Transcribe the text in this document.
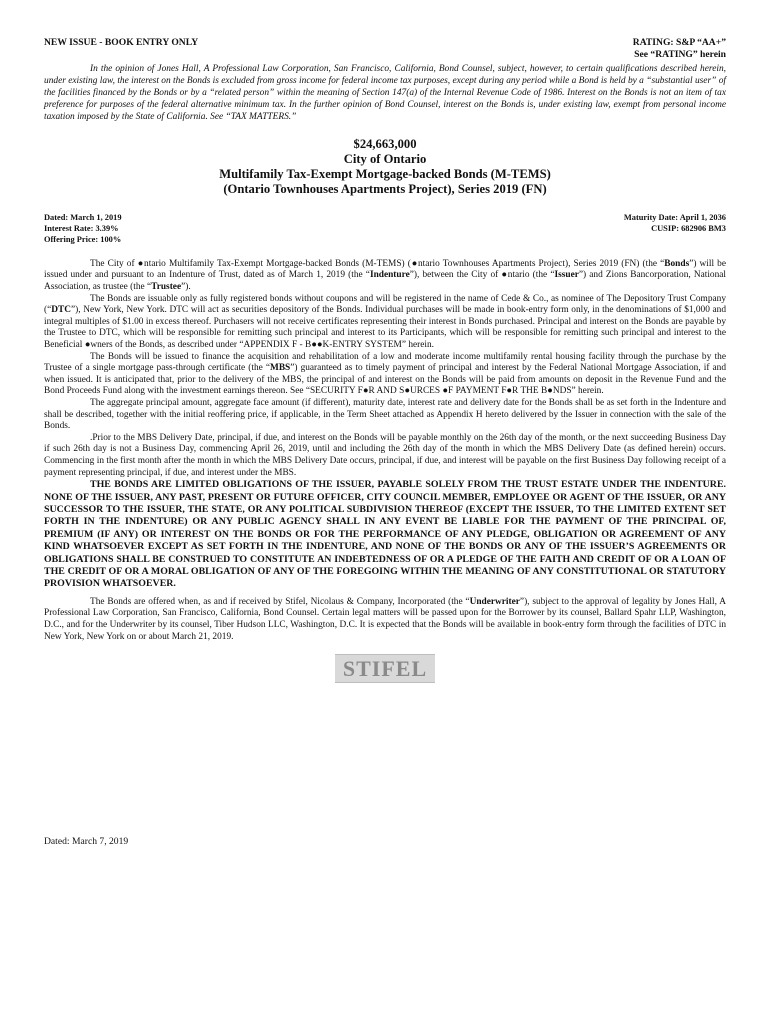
NEW ISSUE - BOOK ENTRY ONLY	RATING: S&P “AA+”
See “RATING” herein
In the opinion of Jones Hall, A Professional Law Corporation, San Francisco, California, Bond Counsel, subject, however, to certain qualifications described herein, under existing law, the interest on the Bonds is excluded from gross income for federal income tax purposes, except during any period while a Bond is held by a “substantial user” of the facilities financed by the Bonds or by a “related person” within the meaning of Section 147(a) of the Internal Revenue Code of 1986. Interest on the Bonds is not an item of tax preference for purposes of the federal alternative minimum tax. In the further opinion of Bond Counsel, interest on the Bonds is, under existing law, exempt from personal income taxation imposed by the State of California. See “TAX MATTERS.”
$24,663,000
City of Ontario
Multifamily Tax-Exempt Mortgage-backed Bonds (M-TEMS)
(Ontario Townhouses Apartments Project), Series 2019 (FN)
Dated: March 1, 2019
Interest Rate: 3.39%
Offering Price: 100%
Maturity Date: April 1, 2036
CUSIP: 682906 BM3

The City of ●ntario Multifamily Tax-Exempt Mortgage-backed Bonds (M-TEMS) (●ntario Townhouses Apartments Project), Series 2019 (FN) (the “Bonds”) will be issued under and pursuant to an Indenture of Trust, dated as of March 1, 2019 (the “Indenture”), between the City of ●ntario (the “Issuer”) and Zions Bancorporation, National Association, as trustee (the “Trustee”).

The Bonds are issuable only as fully registered bonds without coupons and will be registered in the name of Cede & Co., as nominee of The Depository Trust Company (“DTC”), New York, New York. DTC will act as securities depository of the Bonds. Individual purchases will be made in book-entry form only, in the denominations of $1,000 and integral multiples of $1.00 in excess thereof. Purchasers will not receive certificates representing their interest in Bonds purchased. Principal and interest on the Bonds are payable by the Trustee to DTC, which will be responsible for remitting such principal and interest to its Participants, which will be responsible for remitting such principal and interest to the Beneficial ●wners of the Bonds, as described under “APPENDIX F - B●●K-ENTRY SYSTEM” herein.

The Bonds will be issued to finance the acquisition and rehabilitation of a low and moderate income multifamily rental housing facility through the purchase by the Trustee of a single mortgage pass-through certificate (the “MBS”) guaranteed as to timely payment of principal and interest by the Federal National Mortgage Association, if and when issued. It is anticipated that, prior to the delivery of the MBS, the principal of and interest on the Bonds will be paid from amounts on deposit in the Revenue Fund and the Bond Proceeds Fund along with the investment earnings thereon. See “SECURITY F●R AND S●URCES ●F PAYMENT F●R THE B●NDS” herein.

The aggregate principal amount, aggregate face amount (if different), maturity date, interest rate and delivery date for the Bonds shall be as set forth in the Indenture and shall be described, together with the initial reoffering price, if applicable, in the Term Sheet attached as Appendix H hereto delivered by the Issuer in connection with the sale of the Bonds.

.Prior to the MBS Delivery Date, principal, if due, and interest on the Bonds will be payable monthly on the 26th day of the month, or the next succeeding Business Day if such 26th day is not a Business Day, commencing April 26, 2019, until and including the 26th day of the month in which the MBS Delivery Date (as defined herein) occurs. Commencing in the first month after the month in which the MBS Delivery Date occurs, principal, if due, and interest will be payable on the first Business Day following receipt of a payment representing principal, if due, and interest under the MBS.

THE BONDS ARE LIMITED OBLIGATIONS OF THE ISSUER, PAYABLE SOLELY FROM THE TRUST ESTATE UNDER THE INDENTURE. NONE OF THE ISSUER, ANY PAST, PRESENT OR FUTURE OFFICER, CITY COUNCIL MEMBER, EMPLOYEE OR AGENT OF THE ISSUER, OR ANY SUCCESSOR TO THE ISSUER, THE STATE, OR ANY POLITICAL SUBDIVISION THEREOF (EXCEPT THE ISSUER, TO THE LIMITED EXTENT SET FORTH IN THE INDENTURE) OR ANY PUBLIC AGENCY SHALL IN ANY EVENT BE LIABLE FOR THE PAYMENT OF THE PRINCIPAL OF, PREMIUM (IF ANY) OR INTEREST ON THE BONDS OR FOR THE PERFORMANCE OF ANY PLEDGE, OBLIGATION OR AGREEMENT OF ANY KIND WHATSOEVER EXCEPT AS SET FORTH IN THE INDENTURE, AND NONE OF THE BONDS OR ANY OF THE ISSUER’S AGREEMENTS OR OBLIGATIONS SHALL BE CONSTRUED TO CONSTITUTE AN INDEBTEDNESS OF OR A PLEDGE OF THE FAITH AND CREDIT OF OR A LOAN OF THE CREDIT OF OR A MORAL OBLIGATION OF ANY OF THE FOREGOING WITHIN THE MEANING OF ANY CONSTITUTIONAL OR STATUTORY PROVISION WHATSOEVER.

The Bonds are offered when, as and if received by Stifel, Nicolaus & Company, Incorporated (the “Underwriter”), subject to the approval of legality by Jones Hall, A Professional Law Corporation, San Francisco, California, Bond Counsel. Certain legal matters will be passed upon for the Borrower by its counsel, Ballard Spahr LLP, Washington, D.C., and for the Underwriter by its counsel, Tiber Hudson LLC, Washington, D.C. It is expected that the Bonds will be available in book-entry form through the facilities of DTC in New York, New York on or about March 21, 2019.

STIFEL
Dated: March 7, 2019
